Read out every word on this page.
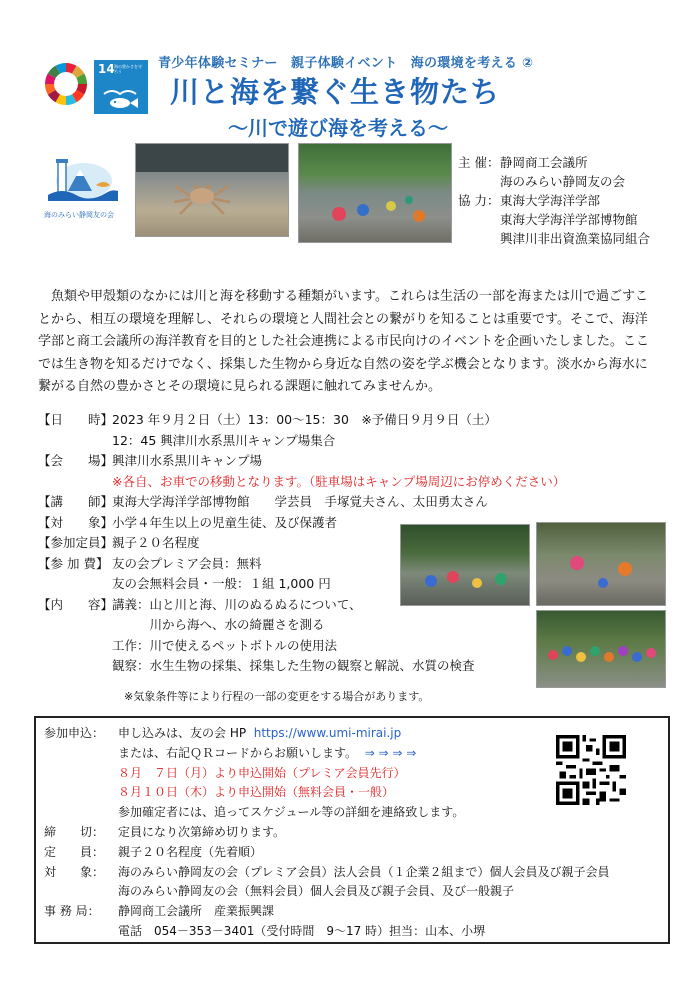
14 海の豊かさを守ろう
青少年体験セミナー　親子体験イベント　海の環境を考える ②
川と海を繋ぐ生き物たち
～川で遊び海を考える～
海のみらい静岡友の会
主 催： 静岡商工会議所
海のみらい静岡友の会
協 力： 東海大学海洋学部
東海大学海洋学部博物館
興津川非出資漁業協同組合
魚類や甲殻類のなかには川と海を移動する種類がいます。これらは生活の一部を海または川で過ごすことから、相互の環境を理解し、それらの環境と人間社会との繋がりを知ることは重要です。そこで、海洋学部と商工会議所の海洋教育を目的とした社会連携による市民向けのイベントを企画いたしました。ここでは生き物を知るだけでなく、採集した生物から身近な自然の姿を学ぶ機会となります。淡水から海水に繋がる自然の豊かさとその環境に見られる課題に触れてみませんか。
【日　　時】
2023 年９月２日（土）13：00～15：30　※予備日９月９日（土）
12：45 興津川水系黒川キャンプ場集合
【会　　場】
興津川水系黒川キャンプ場
※各自、お車での移動となります。（駐車場はキャンプ場周辺にお停めください）
【講　　師】
東海大学海洋学部博物館　　学芸員　手塚覚夫さん、太田勇太さん
【対　　象】
小学４年生以上の児童生徒、及び保護者
【参加定員】
親子２０名程度
【参 加 費】 友の会プレミア会員：無料
友の会無料会員・一般：１組 1,000 円
【内　　容】
講義：山と川と海、川のぬるぬるについて、
川から海へ、水の綺麗さを測る
工作：川で使えるペットボトルの使用法
観察：水生生物の採集、採集した生物の観察と解説、水質の検査
※気象条件等により行程の一部の変更をする場合があります。
参加申込：	申し込みは、友の会 HP
https://www.umi-mirai.jp
または、右記ＱＲコードからお願いします。
⇒ ⇒ ⇒ ⇒
８月　７日（月）より申込開始（プレミア会員先行）
８月１０日（木）より申込開始（無料会員・一般）
参加確定者には、追ってスケジュール等の詳細を連絡致します。
締　　切：	定員になり次第締め切ります。
定　　員：	親子２０名程度（先着順）
対　　象：	海のみらい静岡友の会（プレミア会員）法人会員（１企業２組まで）個人会員及び親子会員
海のみらい静岡友の会（無料会員）個人会員及び親子会員、及び一般親子
事 務 局：	静岡商工会議所　産業振興課
電話　054－353－3401（受付時間　9～17 時）担当：山本、小堺
